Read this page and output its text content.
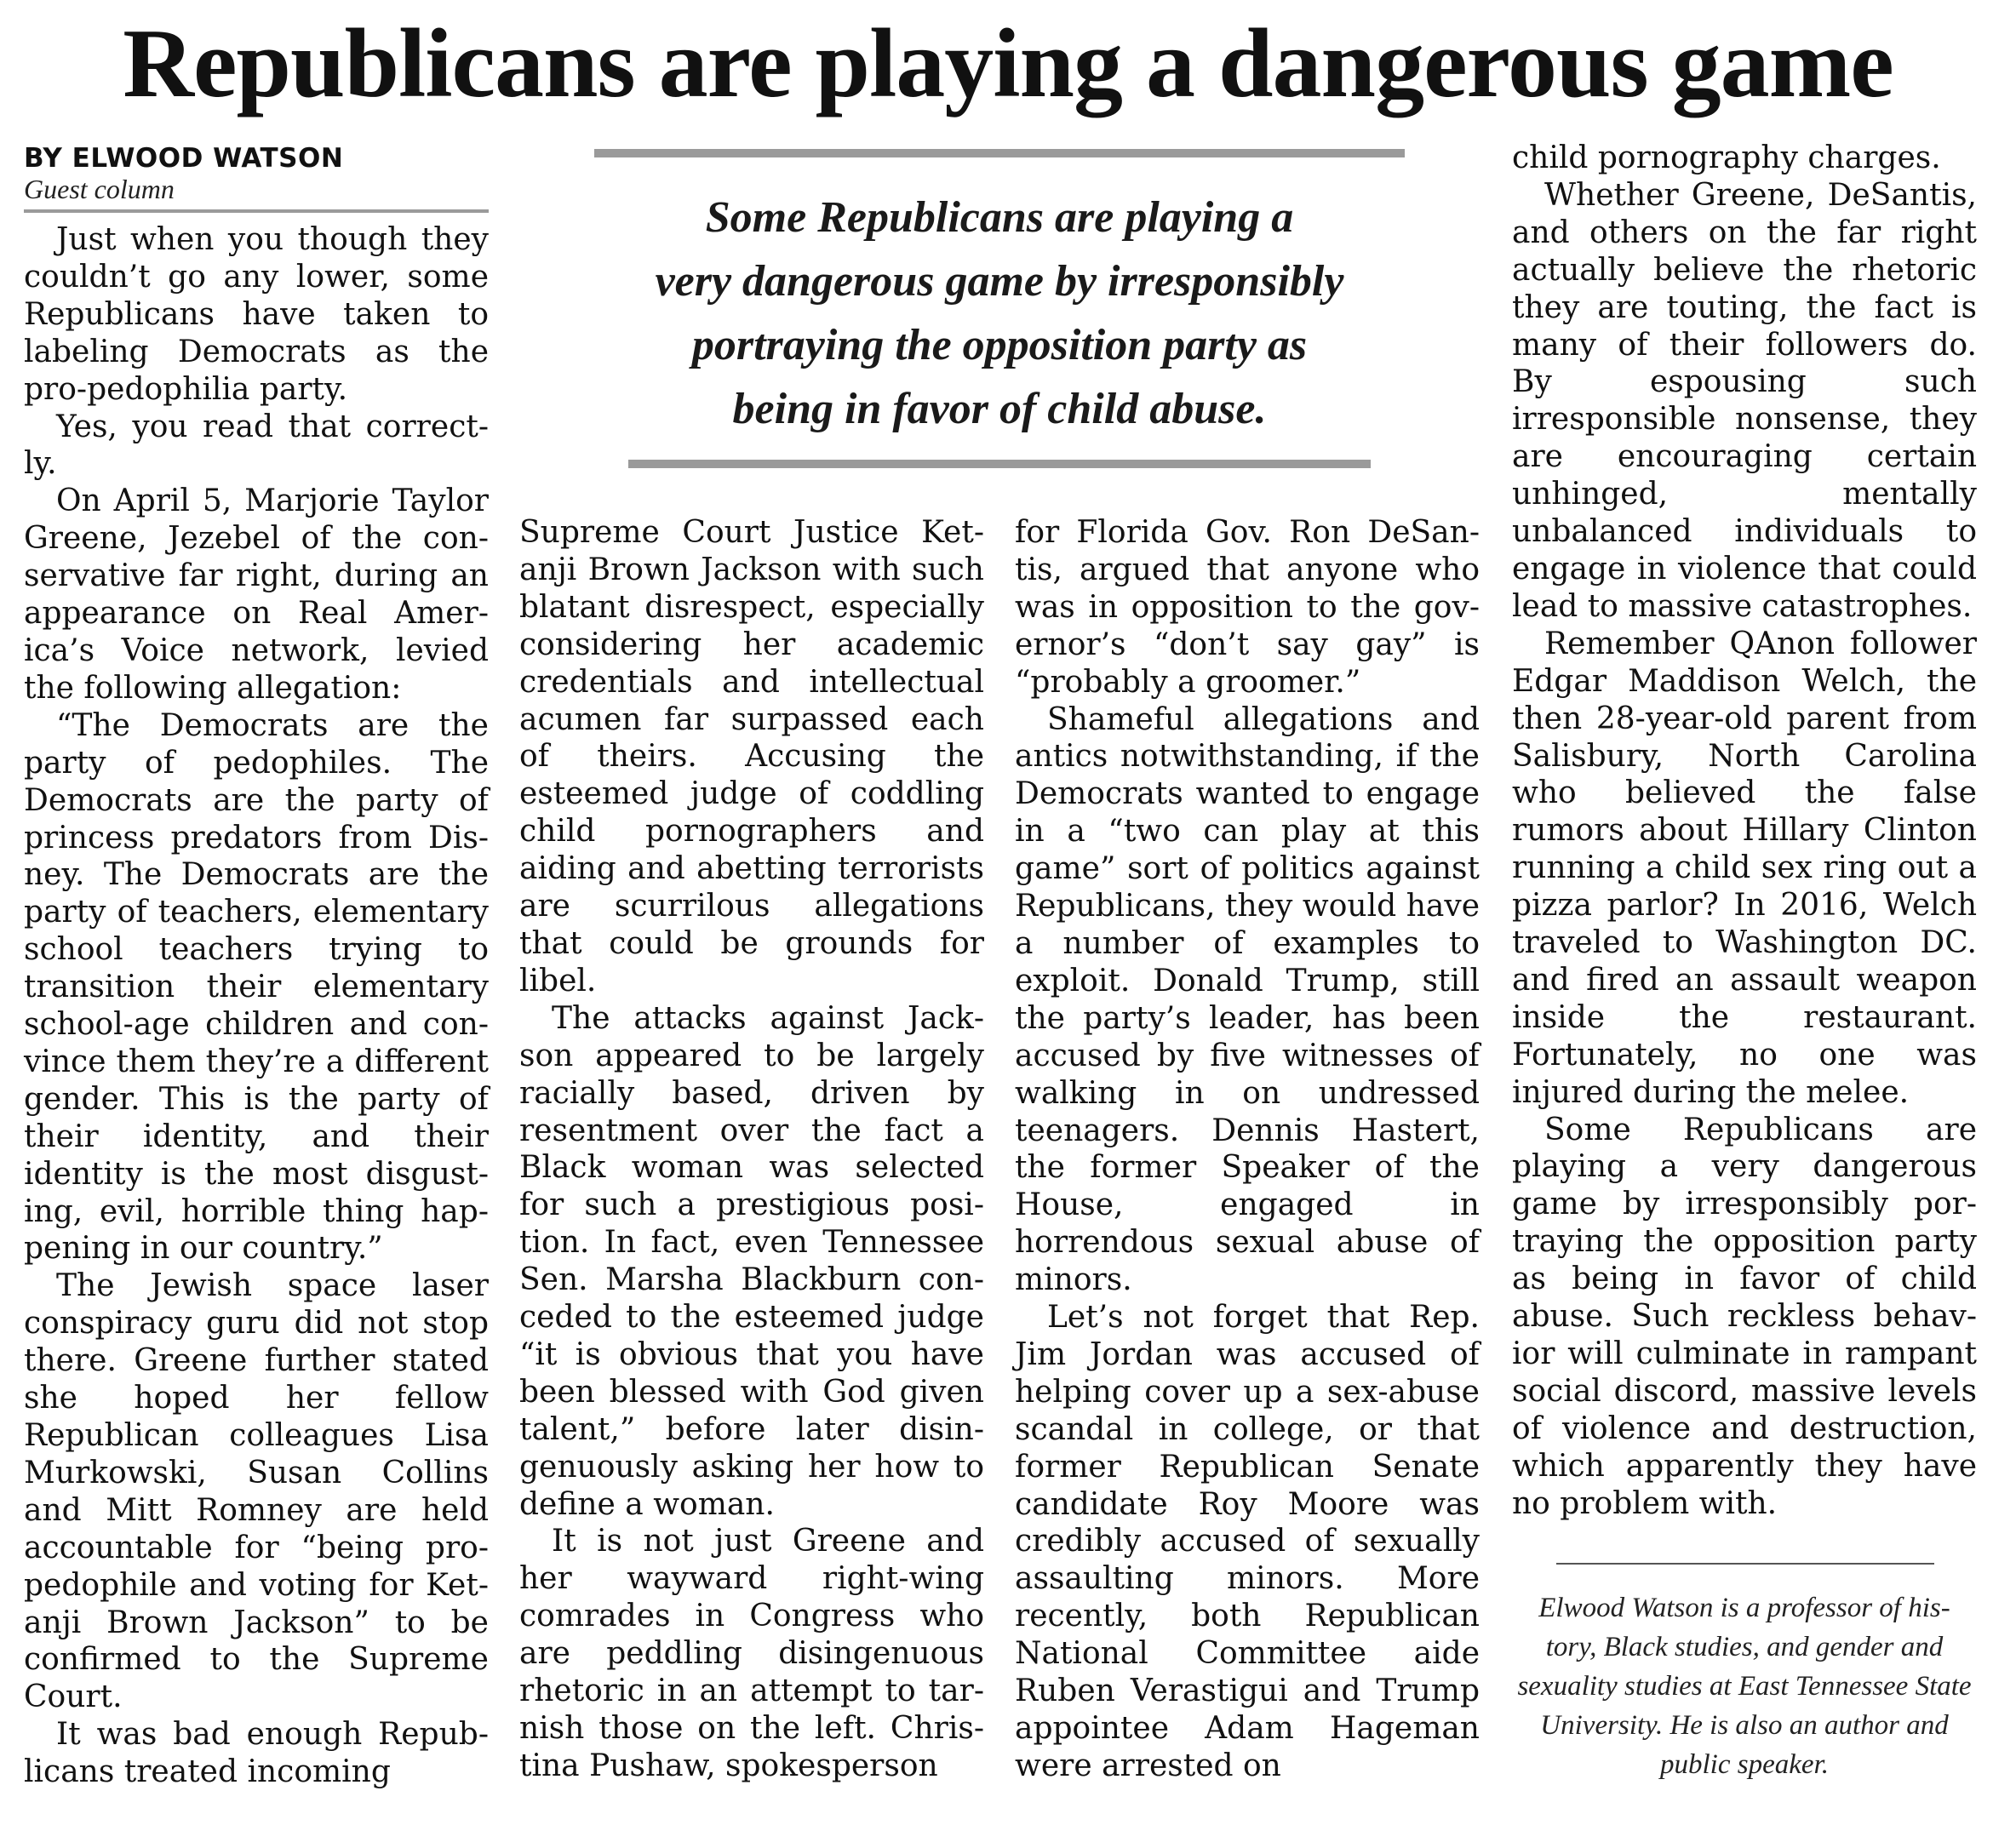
Republicans are playing a dangerous game
BY ELWOOD WATSON
Guest column
Some Republicans are playing a
very dangerous game by irresponsibly
portraying the opposition party as
being in favor of child abuse.

Just when you though they couldn’t go any lower, some Republicans have taken to labeling Democrats as the pro-pedophilia party.

Yes, you read that correctly.

On April 5, Marjorie Taylor Greene, Jezebel of the conservative far right, during an appearance on Real America’s Voice network, levied the following allegation:

“The Democrats are the party of pedophiles. The Democrats are the party of princess predators from Disney. The Democrats are the party of teachers, elementary school teachers trying to transition their elementary school-age children and convince them they’re a different gender. This is the party of their identity, and their identity is the most disgusting, evil, horrible thing happening in our country.”

The Jewish space laser conspiracy guru did not stop there. Greene further stated she hoped her fellow Republican colleagues Lisa Murkowski, Susan Collins and Mitt Romney are held accountable for “being propedophile and voting for Ketanji Brown Jackson” to be confirmed to the Supreme Court.

It was bad enough Republicans treated incoming

Supreme Court Justice Ketanji Brown Jackson with such blatant disrespect, especially considering her academic credentials and intellectual acumen far surpassed each of theirs. Accusing the esteemed judge of coddling child pornographers and aiding and abetting terrorists are scurrilous allegations that could be grounds for libel.

The attacks against Jackson appeared to be largely racially based, driven by resentment over the fact a Black woman was selected for such a prestigious position. In fact, even Tennessee Sen. Marsha Blackburn conceded to the esteemed judge “it is obvious that you have been blessed with God given talent,” before later disingenuously asking her how to define a woman.

It is not just Greene and her wayward right-wing comrades in Congress who are peddling disingenuous rhetoric in an attempt to tarnish those on the left. Christina Pushaw, spokesperson

for Florida Gov. Ron DeSantis, argued that anyone who was in opposition to the governor’s “don’t say gay” is “probably a groomer.”

Shameful allegations and antics notwithstanding, if the Democrats wanted to engage in a “two can play at this game” sort of politics against Republicans, they would have a number of examples to exploit. Donald Trump, still the party’s leader, has been accused by five witnesses of walking in on undressed teenagers. Dennis Hastert, the former Speaker of the House, engaged in horrendous sexual abuse of minors.

Let’s not forget that Rep. Jim Jordan was accused of helping cover up a sex-abuse scandal in college, or that former Republican Senate candidate Roy Moore was credibly accused of sexually assaulting minors. More recently, both Republican National Committee aide Ruben Verastigui and Trump appointee Adam Hageman were arrested on

child pornography charges.

Whether Greene, DeSantis, and others on the far right actually believe the rhetoric they are touting, the fact is many of their followers do. By espousing such irresponsible nonsense, they are encouraging certain unhinged, mentally unbalanced individuals to engage in violence that could lead to massive catastrophes.

Remember QAnon follower Edgar Maddison Welch, the then 28-year-old parent from Salisbury, North Carolina who believed the false rumors about Hillary Clinton running a child sex ring out a pizza parlor? In 2016, Welch traveled to Washington DC. and fired an assault weapon inside the restaurant. Fortunately, no one was injured during the melee.

Some Republicans are playing a very dangerous game by irresponsibly portraying the opposition party as being in favor of child abuse. Such reckless behavior will culminate in rampant social discord, massive levels of violence and destruction, which apparently they have no problem with.

Elwood Watson is a professor of his-
tory, Black studies, and gender and
sexuality studies at East Tennessee State
University. He is also an author and
public speaker.
